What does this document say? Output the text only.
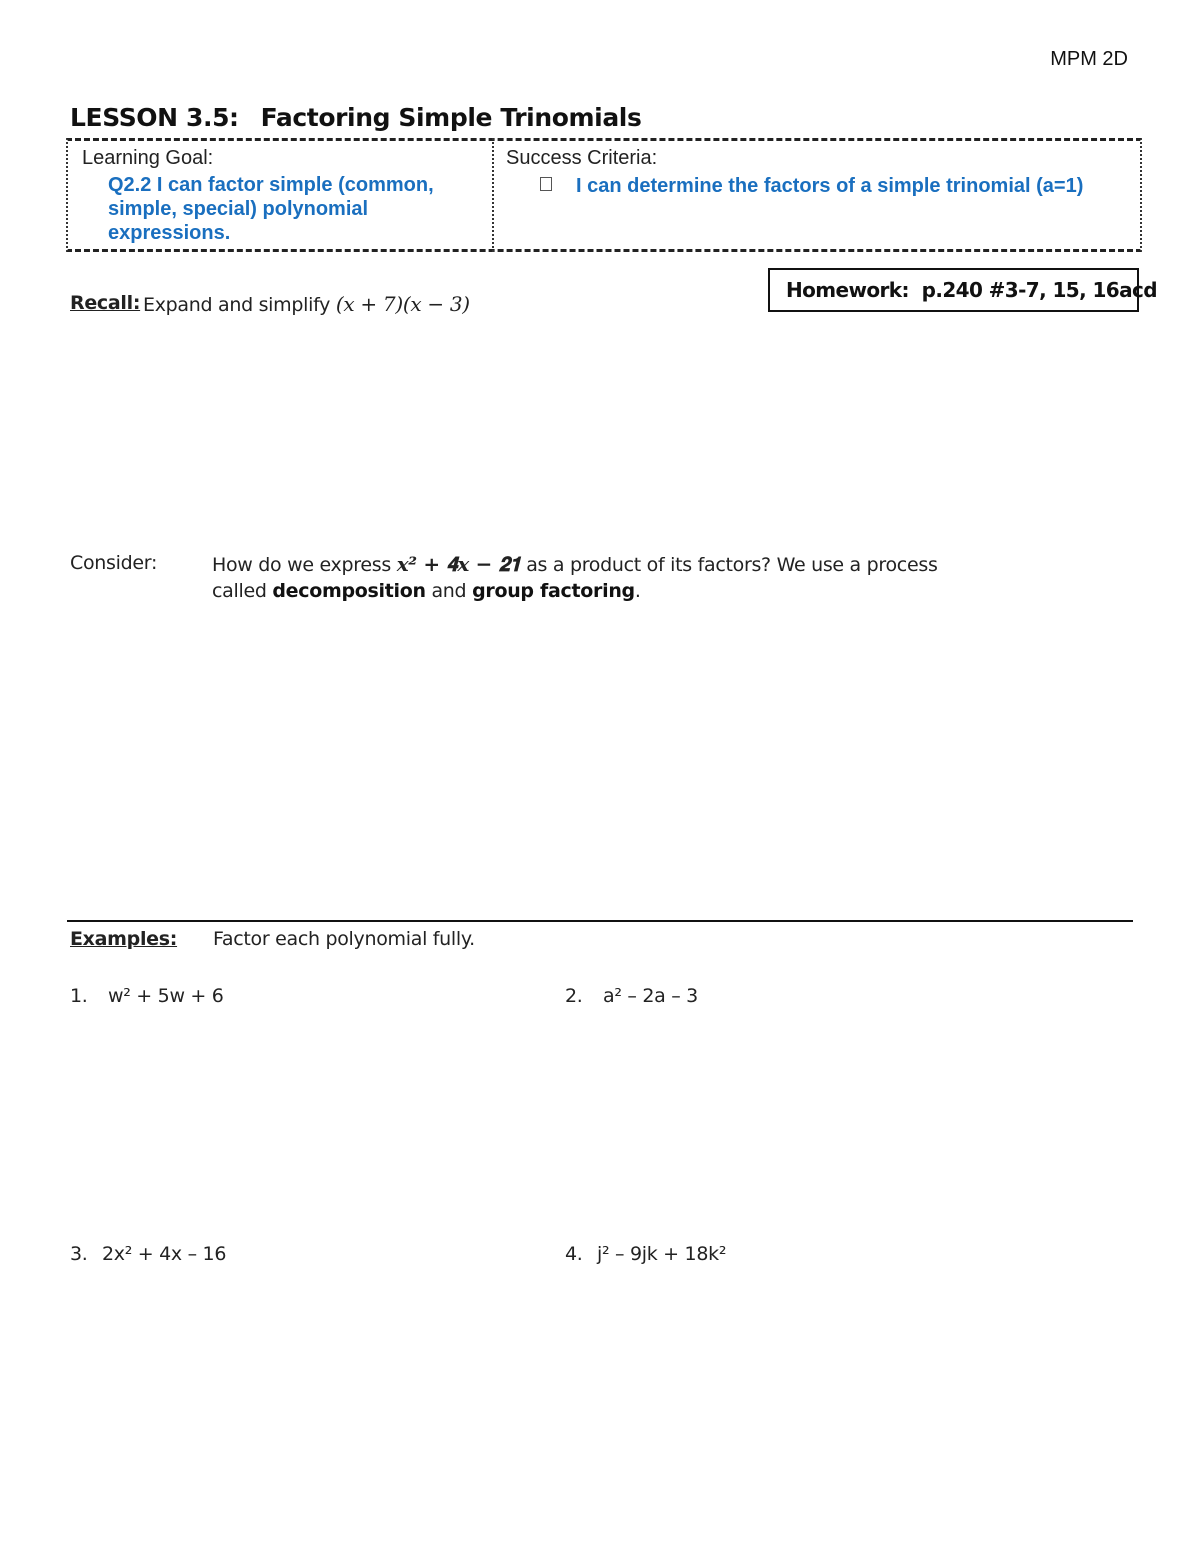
MPM 2D
LESSON 3.5: Factoring Simple Trinomials
Learning Goal:
Q2.2 I can factor simple (common, simple, special) polynomial expressions.
Success Criteria:
I can determine the factors of a simple trinomial (a=1)
Homework: p.240 #3-7, 15, 16acd
Recall: Expand and simplify (𝑥 + 7)(𝑥 − 3)
Consider:	How do we express 𝒙² + 𝟒𝒙 − 𝟐𝟏 as a product of its factors? We use a process
called decomposition and group factoring.
Examples: Factor each polynomial fully.
1. w² + 5w + 6	2. a² – 2a – 3
3. 2x² + 4x – 16	4. j² – 9jk + 18k²
